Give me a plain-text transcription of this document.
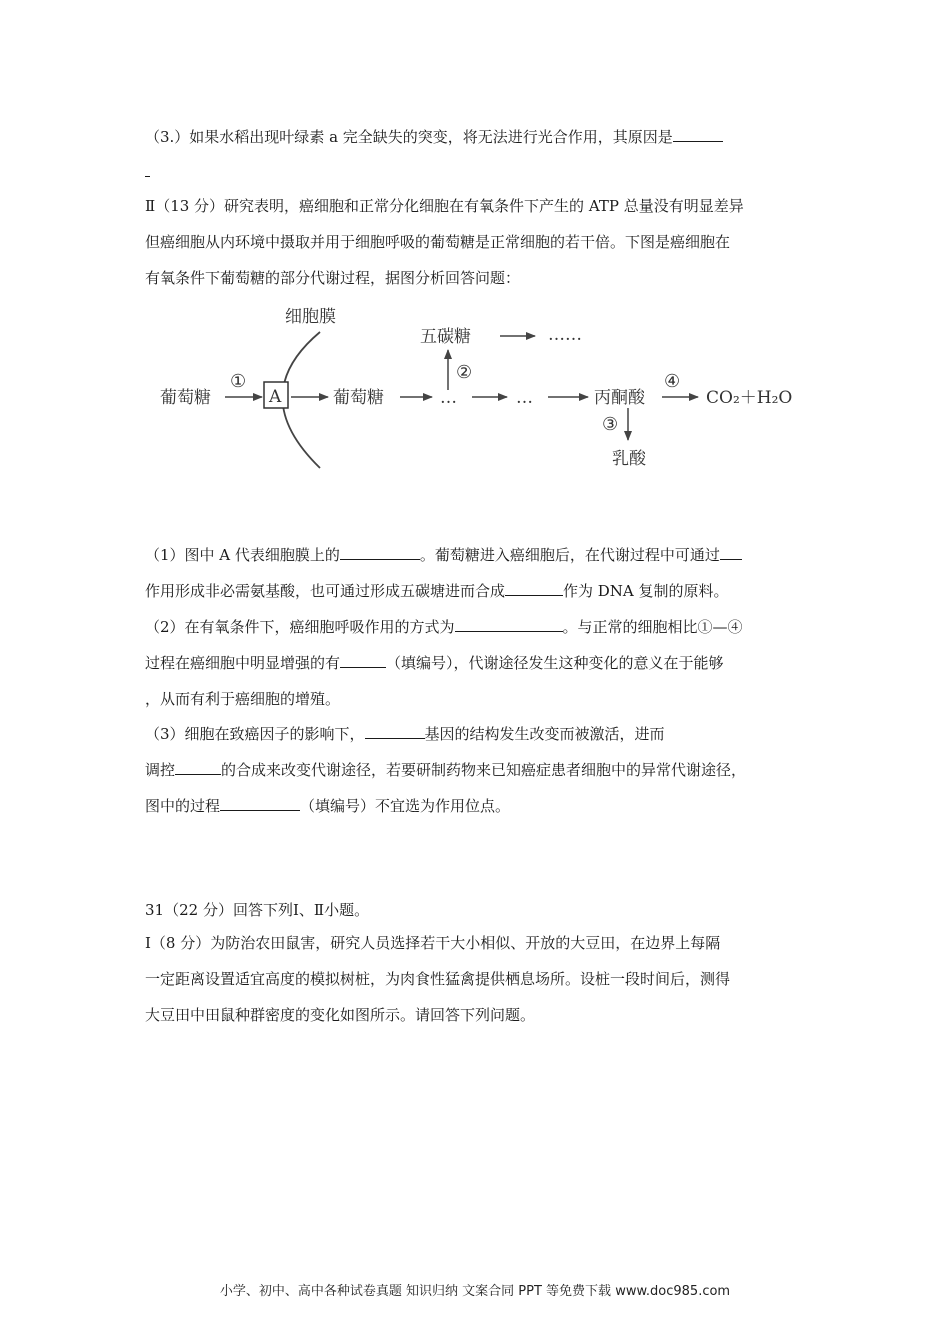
（3.）如果水稻出现叶绿素 a 完全缺失的突变，将无法进行光合作用，其原因是
Ⅱ（13 分）研究表明，癌细胞和正常分化细胞在有氧条件下产生的 ATP 总量没有明显差异
但癌细胞从内环境中摄取并用于细胞呼吸的葡萄糖是正常细胞的若干倍。下图是癌细胞在
有氧条件下葡萄糖的部分代谢过程，据图分析回答问题：
细胞膜
葡萄糖
①
A	葡萄糖	…
②
五碳糖	……
…	丙酮酸
③
乳酸
④
CO₂＋H₂O
（1）图中 A 代表细胞膜上的	。葡萄糖进入癌细胞后，在代谢过程中可通过
作用形成非必需氨基酸，也可通过形成五碳塘进而合成	作为 DNA 复制的原料。
（2）在有氧条件下，癌细胞呼吸作用的方式为	。与正常的细胞相比①—④
过程在癌细胞中明显增强的有	（填编号），代谢途径发生这种变化的意义在于能够
，从而有利于癌细胞的增殖。
（3）细胞在致癌因子的影响下，	基因的结构发生改变而被激活，进而
调控	的合成来改变代谢途径，若要研制药物来已知癌症患者细胞中的异常代谢途径，
图中的过程	（填编号）不宜选为作用位点。
31（22 分）回答下列Ⅰ、Ⅱ小题。
Ⅰ（8 分）为防治农田鼠害，研究人员选择若干大小相似、开放的大豆田，在边界上每隔
一定距离设置适宜高度的模拟树桩，为肉食性猛禽提供栖息场所。设桩一段时间后，测得
大豆田中田鼠种群密度的变化如图所示。请回答下列问题。
小学、初中、高中各种试卷真题 知识归纳 文案合同 PPT 等免费下载 www.doc985.com
